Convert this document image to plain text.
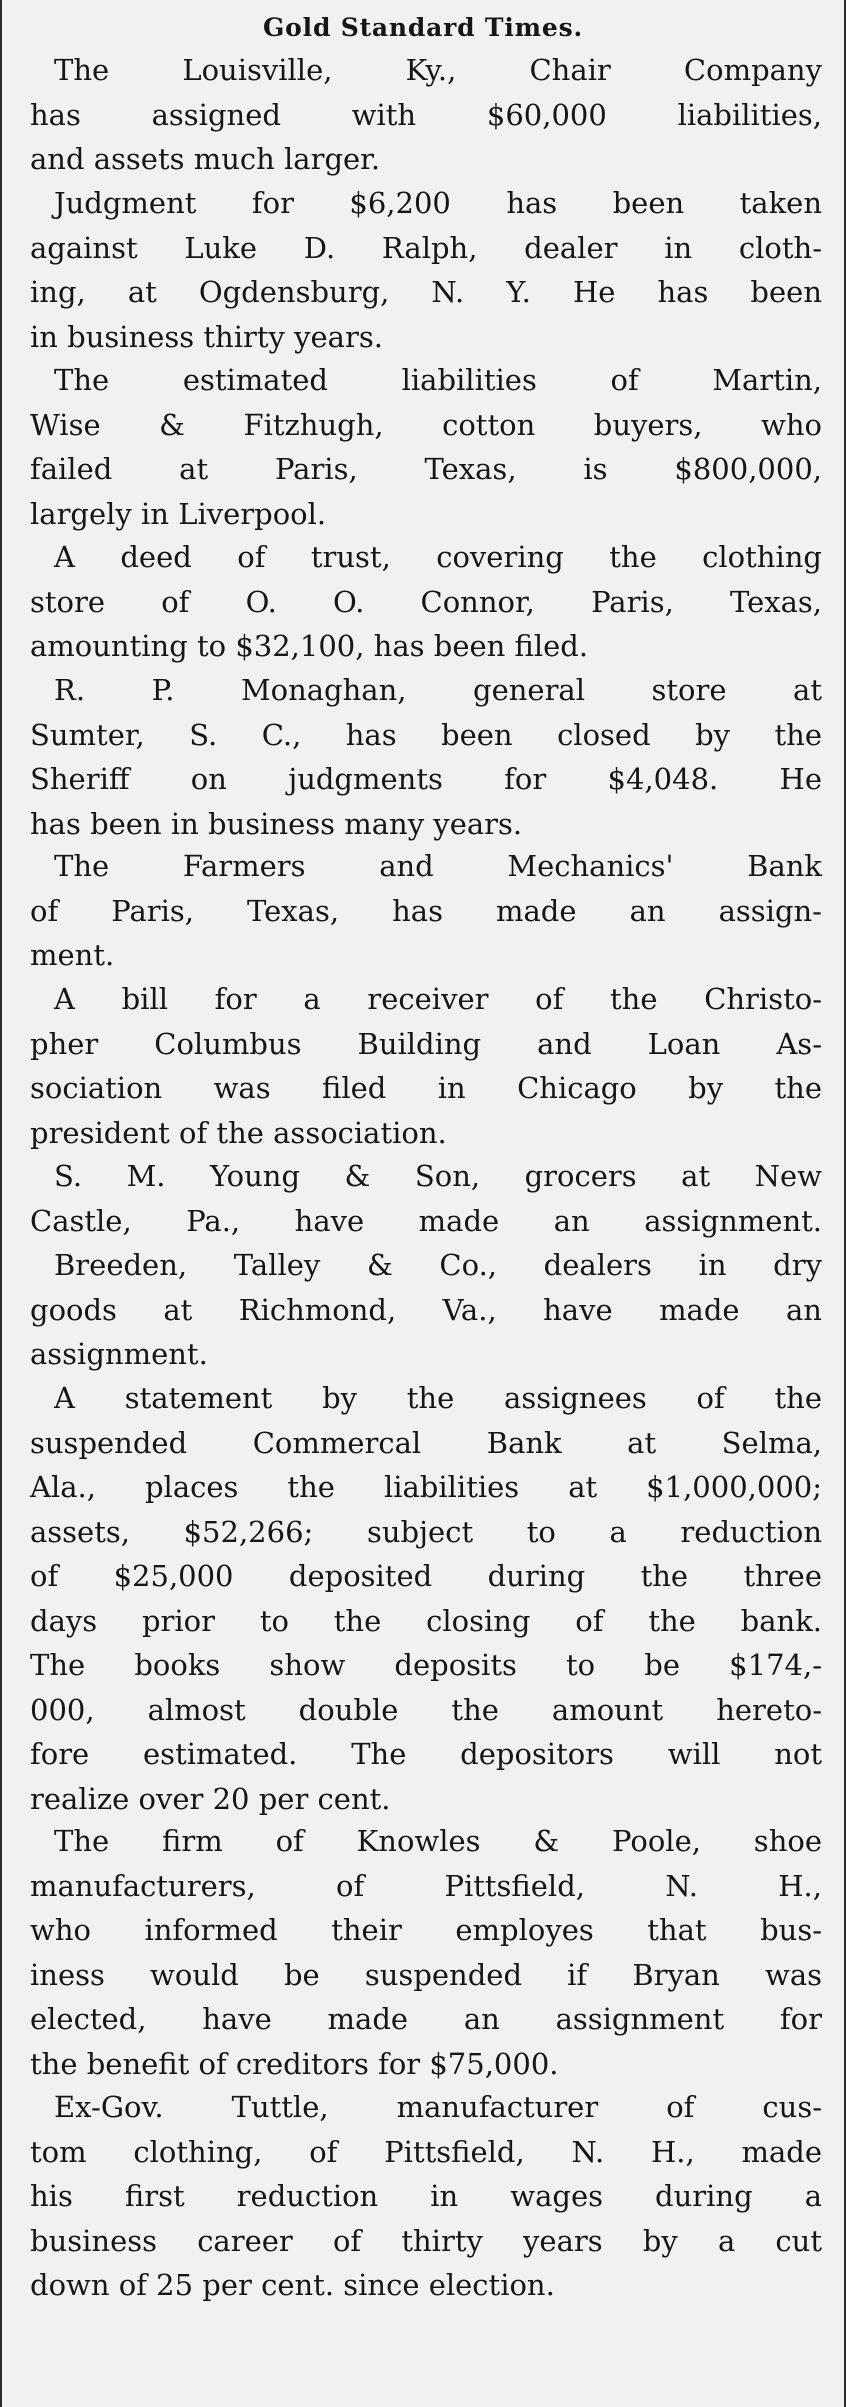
Gold Standard Times.
The Louisville, Ky., Chair Company
has assigned with $60,000 liabilities,
and assets much larger.
Judgment for $6,200 has been taken
against Luke D. Ralph, dealer in cloth-
ing, at Ogdensburg, N. Y. He has been
in business thirty years.
The estimated liabilities of Martin,
Wise & Fitzhugh, cotton buyers, who
failed at Paris, Texas, is $800,000,
largely in Liverpool.
A deed of trust, covering the clothing
store of O. O. Connor, Paris, Texas,
amounting to $32,100, has been filed.
R. P. Monaghan, general store at
Sumter, S. C., has been closed by the
Sheriff on judgments for $4,048. He
has been in business many years.
The Farmers and Mechanics' Bank
of Paris, Texas, has made an assign-
ment.
A bill for a receiver of the Christo-
pher Columbus Building and Loan As-
sociation was filed in Chicago by the
president of the association.
S. M. Young & Son, grocers at New
Castle, Pa., have made an assignment.
Breeden, Talley & Co., dealers in dry
goods at Richmond, Va., have made an
assignment.
A statement by the assignees of the
suspended Commercal Bank at Selma,
Ala., places the liabilities at $1,000,000;
assets, $52,266; subject to a reduction
of $25,000 deposited during the three
days prior to the closing of the bank.
The books show deposits to be $174,-
000, almost double the amount hereto-
fore estimated. The depositors will not
realize over 20 per cent.
The firm of Knowles & Poole, shoe
manufacturers, of Pittsfield, N. H.,
who informed their employes that bus-
iness would be suspended if Bryan was
elected, have made an assignment for
the benefit of creditors for $75,000.
Ex-Gov. Tuttle, manufacturer of cus-
tom clothing, of Pittsfield, N. H., made
his first reduction in wages during a
business career of thirty years by a cut
down of 25 per cent. since election.
